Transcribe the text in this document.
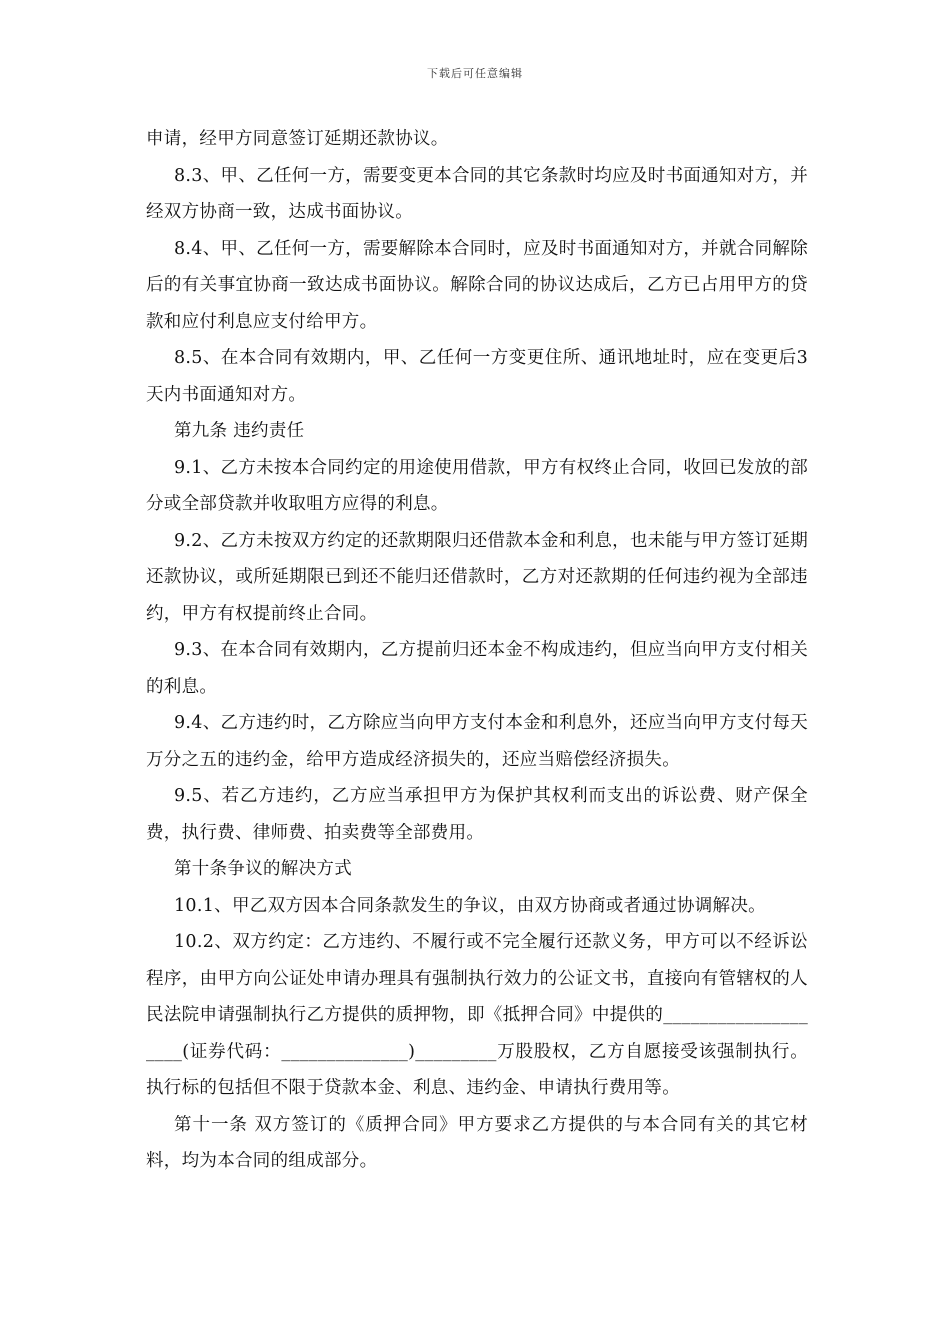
下载后可任意编辑

申请，经甲方同意签订延期还款协议。

8.3、甲、乙任何一方，需要变更本合同的其它条款时均应及时书面通知对方，并经双方协商一致，达成书面协议。

8.4、甲、乙任何一方，需要解除本合同时，应及时书面通知对方，并就合同解除后的有关事宜协商一致达成书面协议。解除合同的协议达成后，乙方已占用甲方的贷款和应付利息应支付给甲方。

8.5、在本合同有效期内，甲、乙任何一方变更住所、通讯地址时，应在变更后3天内书面通知对方。

第九条 违约责任

9.1、乙方未按本合同约定的用途使用借款，甲方有权终止合同，收回已发放的部分或全部贷款并收取咀方应得的利息。

9.2、乙方未按双方约定的还款期限归还借款本金和利息，也未能与甲方签订延期还款协议，或所延期限已到还不能归还借款时，乙方对还款期的任何违约视为全部违约，甲方有权提前终止合同。

9.3、在本合同有效期内，乙方提前归还本金不构成违约，但应当向甲方支付相关的利息。

9.4、乙方违约时，乙方除应当向甲方支付本金和利息外，还应当向甲方支付每天万分之五的违约金，给甲方造成经济损失的，还应当赔偿经济损失。

9.5、若乙方违约，乙方应当承担甲方为保护其权利而支出的诉讼费、财产保全费，执行费、律师费、拍卖费等全部费用。

第十条争议的解决方式

10.1、甲乙双方因本合同条款发生的争议，由双方协商或者通过协调解决。

10.2、双方约定：乙方违约、不履行或不完全履行还款义务，甲方可以不经诉讼程序，由甲方向公证处申请办理具有强制执行效力的公证文书，直接向有管辖权的人民法院申请强制执行乙方提供的质押物，即《抵押合同》中提供的____________________(证券代码：______________)_________万股股权，乙方自愿接受该强制执行。执行标的包括但不限于贷款本金、利息、违约金、申请执行费用等。

第十一条 双方签订的《质押合同》甲方要求乙方提供的与本合同有关的其它材料，均为本合同的组成部分。
